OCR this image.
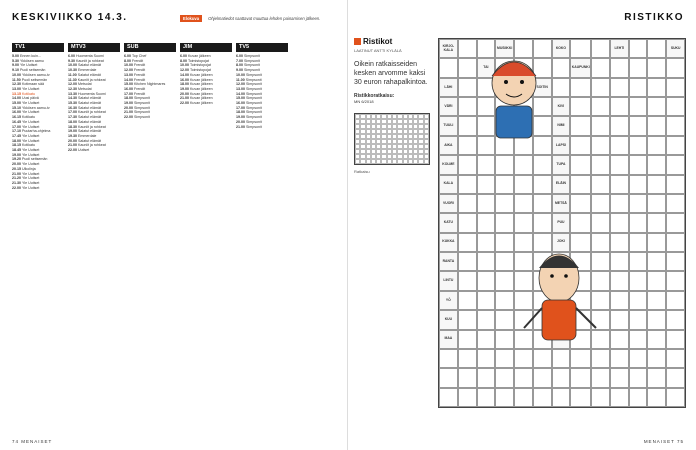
KESKIVIIKKO 14.3.
TV1
5.00 Ennen kuin...
5.30 Ykkösen aamu
9.00 Yle Uutiset
9.10 Puoli seitsemän
10.00 Ykkösen aamu-tv
11.50 Puoli seitsemän
12.30 Kotimaan sää
13.00 Yle Uutiset
13.15 Kotikatu
14.00 Uusi päivä
15.00 Yle Uutiset
15.10 Ykkösen aamu-tv
16.00 Yle Uutiset
16.15 Kotikatu
16.45 Yle Uutiset
17.00 Yle Uutiset
17.10 Puutarha-ohjelma
17.45 Yle Uutiset
18.00 Yle Uutiset
18.15 Kotikatu
18.45 Yle Uutiset
19.00 Yle Uutiset
19.20 Puoli seitsemän
20.00 Yle Uutiset
20.15 Ulkolinja
21.00 Yle Uutiset
21.20 Yle Uutiset
21.30 Yle Uutiset
22.00 Yle Uutiset
MTV3
6.00 Huomenta Suomi
9.30 Kauniit ja rohkeat
10.00 Salatut elämät
10.30 Emmerdale
11.00 Salatut elämät
11.30 Kauniit ja rohkeat
12.00 Metsolat
12.30 Metsolat
13.30 Huomenta Suomi
14.30 Salatut elämät
15.30 Salatut elämät
16.30 Salatut elämät
17.00 Kauniit ja rohkeat
17.30 Salatut elämät
18.00 Salatut elämät
18.30 Kauniit ja rohkeat
19.00 Salatut elämät
19.30 Emmerdale
20.00 Salatut elämät
21.00 Kauniit ja rohkeat
22.00 Uutiset
SUB
6.00 Top Chef
8.00 Frendit
10.00 Frendit
12.00 Frendit
13.00 Frendit
14.00 Frendit
15.00 Kitchen Nightmares
16.00 Frendit
17.00 Frendit
18.00 Simpsonit
19.00 Simpsonit
20.00 Simpsonit
21.00 Simpsonit
22.00 Simpsonit
JIM
6.00 Kuvan jälkeen
8.00 Toimistopojat
10.00 Toimistopojat
12.00 Toimistopojat
14.00 Kuvan jälkeen
16.00 Kuvan jälkeen
18.00 Kuvan jälkeen
19.00 Kuvan jälkeen
20.00 Kuvan jälkeen
21.00 Kuvan jälkeen
22.00 Kuvan jälkeen
TV5
6.00 Simpsonit
7.00 Simpsonit
8.00 Simpsonit
9.00 Simpsonit
10.00 Simpsonit
11.00 Simpsonit
12.00 Simpsonit
13.00 Simpsonit
14.00 Simpsonit
15.00 Simpsonit
16.00 Simpsonit
17.00 Simpsonit
18.00 Simpsonit
19.00 Simpsonit
20.00 Simpsonit
21.00 Simpsonit
74 MENAISET
Elokuva	Ohjelmatiedot saattavat muuttua lehden painamisen jälkeen.	RISTIKKO
Ristikot
LAATINUT ANTTI KYLÄLÄ
Oikein ratkaisseiden kesken arvomme kaksi 30 euron rahapalkintoa.
Ristikkoratkaisu:
MN 6/2018
Ratkaisu
KIRJO-KALA	MUSIIKKI	KOKO	LEHTI	SUKU
TAI	KAUPUNKI
LÄHI	SOITIN
VÄRI	KIVI
TUULI	NIMI
AIKA	LAPSI
KOLME	TUPA
KALA	ELÄIN
VUORI	METSÄ
KATU	PUU
KUKKA	JOKI
RANTA
LINTU
YÖ
KUU
MAA
MENAISET 75
